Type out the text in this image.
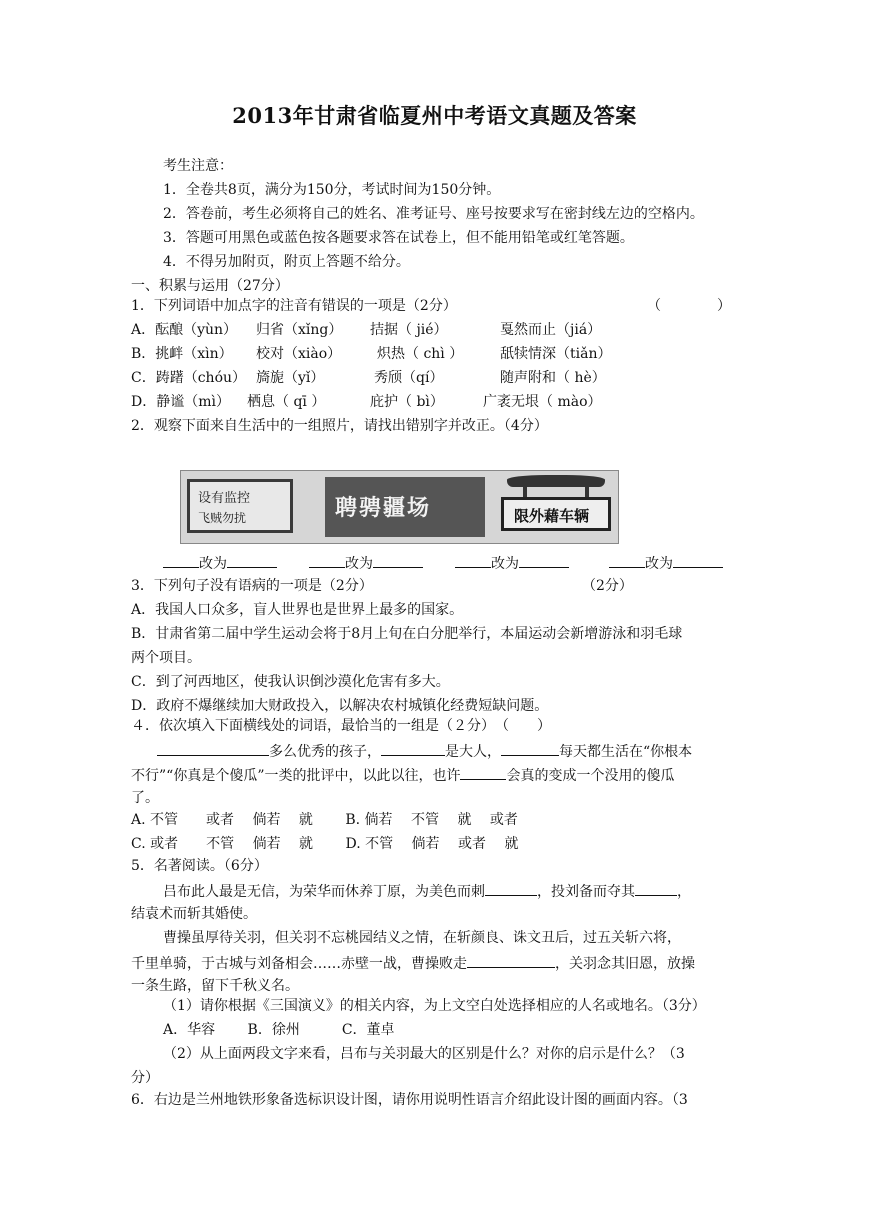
2013年甘肃省临夏州中考语文真题及答案
考生注意：
1．全卷共8页，满分为150分，考试时间为150分钟。
2．答卷前，考生必须将自己的姓名、准考证号、座号按要求写在密封线左边的空格内。
3．答题可用黑色或蓝色按各题要求答在试卷上，但不能用铅笔或红笔答题。
4．不得另加附页，附页上答题不给分。
一、积累与运用（27分）
1．下列词语中加点字的注音有错误的一项是（2分）	（　　　　）
A．酝酿（yùn） 归省（xǐng） 拮据（ jié）	戛然而止（jiá）
B．挑衅（xìn） 校对（xiào）	炽热（ chì ）	舐犊情深（tiǎn）
C．踌躇（chóu） 旖旎（yǐ）	秀颀（qí）	随声附和（ hè）
D．静谧（mì） 栖息（ qī ）	庇护（ bì）	广袤无垠（ mào）
2．观察下面来自生活中的一组照片，请找出错别字并改正。（4分）
设有监控
飞贼勿扰	聘骋疆场	限外藉车辆
改为	改为	改为	改为
3．下列句子没有语病的一项是（2分）	（2分）
A．我国人口众多，盲人世界也是世界上最多的国家。
B．甘肃省第二届中学生运动会将于8月上旬在白分肥举行，本届运动会新增游泳和羽毛球
两个项目。
C．到了河西地区，使我认识倒沙漠化危害有多大。
D．政府不爆继续加大财政投入，以解决农村城镇化经费短缺问题。
４．依次填入下面横线处的词语，最恰当的一组是（２分）　（　　）
多么优秀的孩子，	是大人，	每天都生活在“你根本
不行”“你真是个傻瓜”一类的批评中，以此以往，也许	会真的变成一个没用的傻瓜
了。
A. 不管　　或者　 倘若　 就　　 B. 倘若　 不管　 就　 或者
C. 或者　　不管　 倘若　 就　　 D. 不管　 倘若　 或者　 就
5．名著阅读。（6分）
吕布此人最是无信，为荣华而休养丁原，为美色而刺	，投刘备而夺其	，
结袁术而斩其婚使。
曹操虽厚待关羽，但关羽不忘桃园结义之情，在斩颜良、诛文丑后，过五关斩六将，
千里单骑，于古城与刘备相会……赤壁一战，曹操败走	，关羽念其旧恩，放操
一条生路，留下千秋义名。
（1）请你根据《三国演义》的相关内容，为上文空白处选择相应的人名或地名。（3分）
A．华容　　 B．徐州　　　C．董卓
（2）从上面两段文字来看，吕布与关羽最大的区别是什么？对你的启示是什么？（3
分）
6．右边是兰州地铁形象备选标识设计图，请你用说明性语言介绍此设计图的画面内容。（3
